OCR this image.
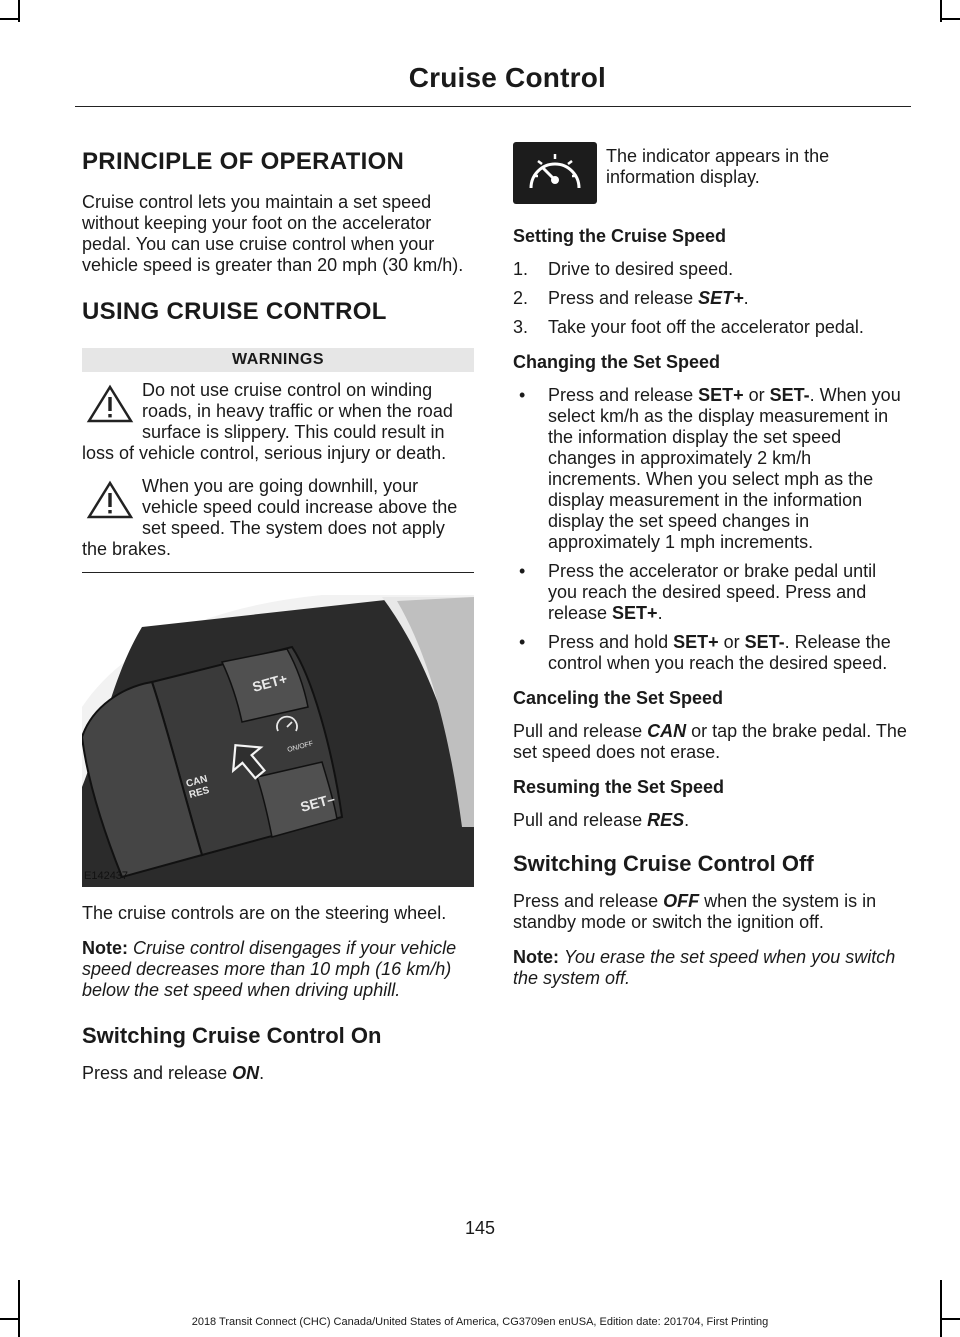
Cruise Control
PRINCIPLE OF OPERATION

Cruise control lets you maintain a set speed without keeping your foot on the accelerator pedal. You can use cruise control when your vehicle speed is greater than 20 mph (30 km/h).

USING CRUISE CONTROL
WARNINGS
Do not use cruise control on winding roads, in heavy traffic or when the road surface is slippery. This could result in loss of vehicle control, serious injury or death.
When you are going downhill, your vehicle speed could increase above the set speed. The system does not apply the brakes.
SET+
SET–
CAN
RES
ON/OFF
E142437

The cruise controls are on the steering wheel.

Note: Cruise control disengages if your vehicle speed decreases more than 10 mph (16 km/h) below the set speed when driving uphill.

Switching Cruise Control On

Press and release ON.

The indicator appears in the information display.
Setting the Cruise Speed
1. Drive to desired speed.
2. Press and release SET+.
3. Take your foot off the accelerator pedal.
Changing the Set Speed
• Press and release SET+ or SET-. When you select km/h as the display measurement in the information display the set speed changes in approximately 2 km/h increments. When you select mph as the display measurement in the information display the set speed changes in approximately 1 mph increments.
• Press the accelerator or brake pedal until you reach the desired speed. Press and release SET+.
• Press and hold SET+ or SET-. Release the control when you reach the desired speed.
Canceling the Set Speed

Pull and release CAN or tap the brake pedal. The set speed does not erase.

Resuming the Set Speed

Pull and release RES.

Switching Cruise Control Off

Press and release OFF when the system is in standby mode or switch the ignition off.

Note: You erase the set speed when you switch the system off.

145
2018 Transit Connect (CHC) Canada/United States of America, CG3709en enUSA, Edition date: 201704, First Printing
